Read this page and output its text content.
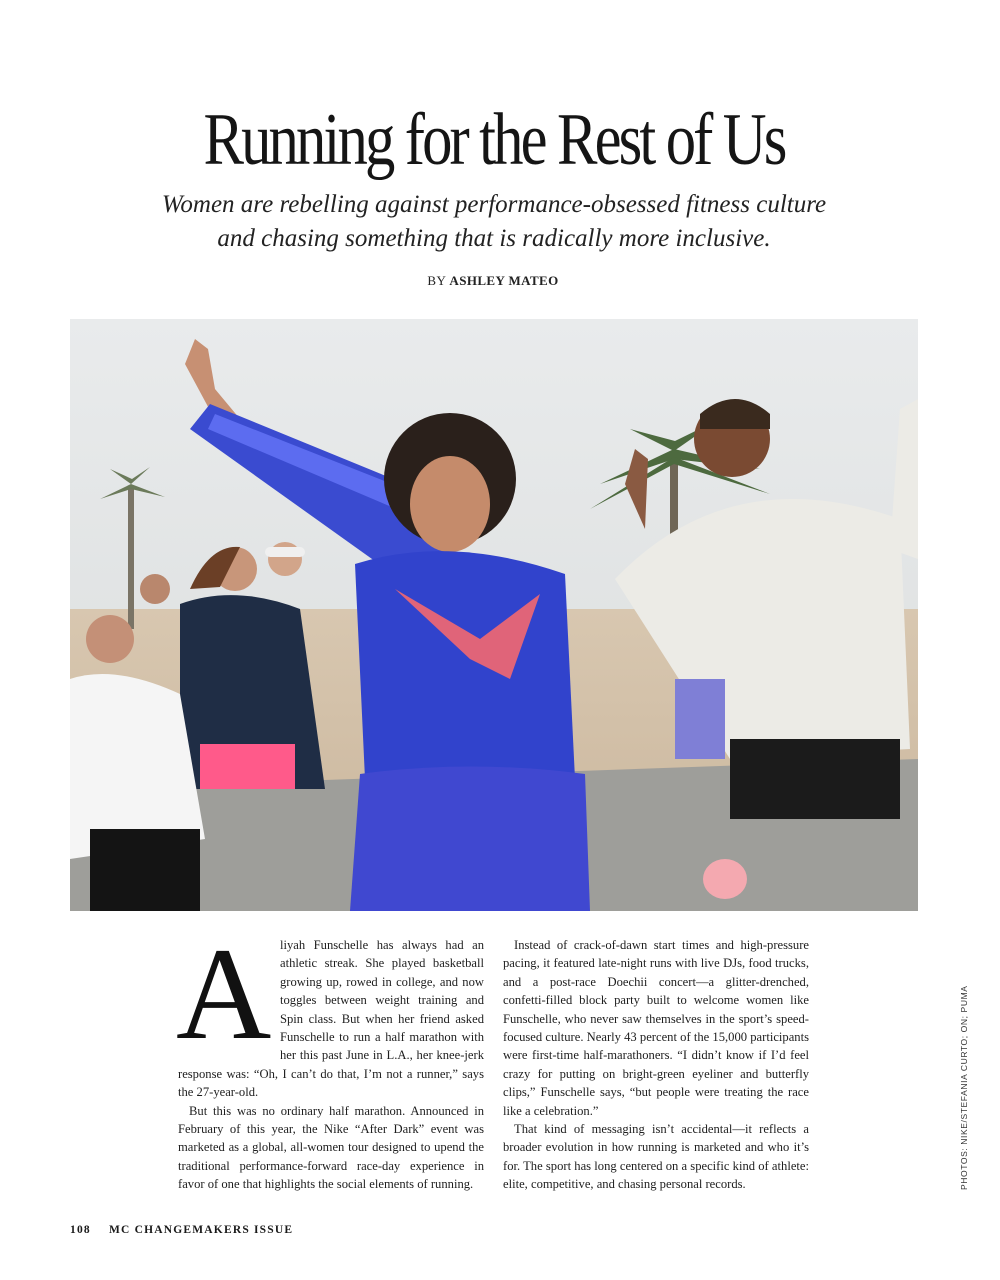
Running for the Rest of Us

Women are rebelling against performance-obsessed fitness culture and chasing something that is radically more inclusive.

BY ASHLEY MATEO
A liyah Funschelle has always had an athletic streak. She played basketball growing up, rowed in college, and now toggles between weight training and Spin class. But when her friend asked Funschelle to run a half marathon with her this past June in L.A., her knee-jerk response was: “Oh, I can’t do that, I’m not a runner,” says the 27-year-old.

But this was no ordinary half marathon. Announced in February of this year, the Nike “After Dark” event was marketed as a global, all-women tour designed to upend the traditional performance-forward race-day experience in favor of one that highlights the social elements of running.

Instead of crack-of-dawn start times and high-pressure pacing, it featured late-night runs with live DJs, food trucks, and a post-race Doechii concert—a glitter-drenched, confetti-filled block party built to welcome women like Funschelle, who never saw themselves in the sport’s speed-focused culture. Nearly 43 percent of the 15,000 participants were first-time half-marathoners. “I didn’t know if I’d feel crazy for putting on bright-green eyeliner and butterfly clips,” Funschelle says, “but people were treating the race like a celebration.”

That kind of messaging isn’t accidental—it reflects a broader evolution in how running is marketed and who it’s for. The sport has long centered on a specific kind of athlete: elite, competitive, and chasing personal records.	PHOTOS: NIKE/STEFANIA CURTO; ON; PUMA
108 MC CHANGEMAKERS ISSUE
